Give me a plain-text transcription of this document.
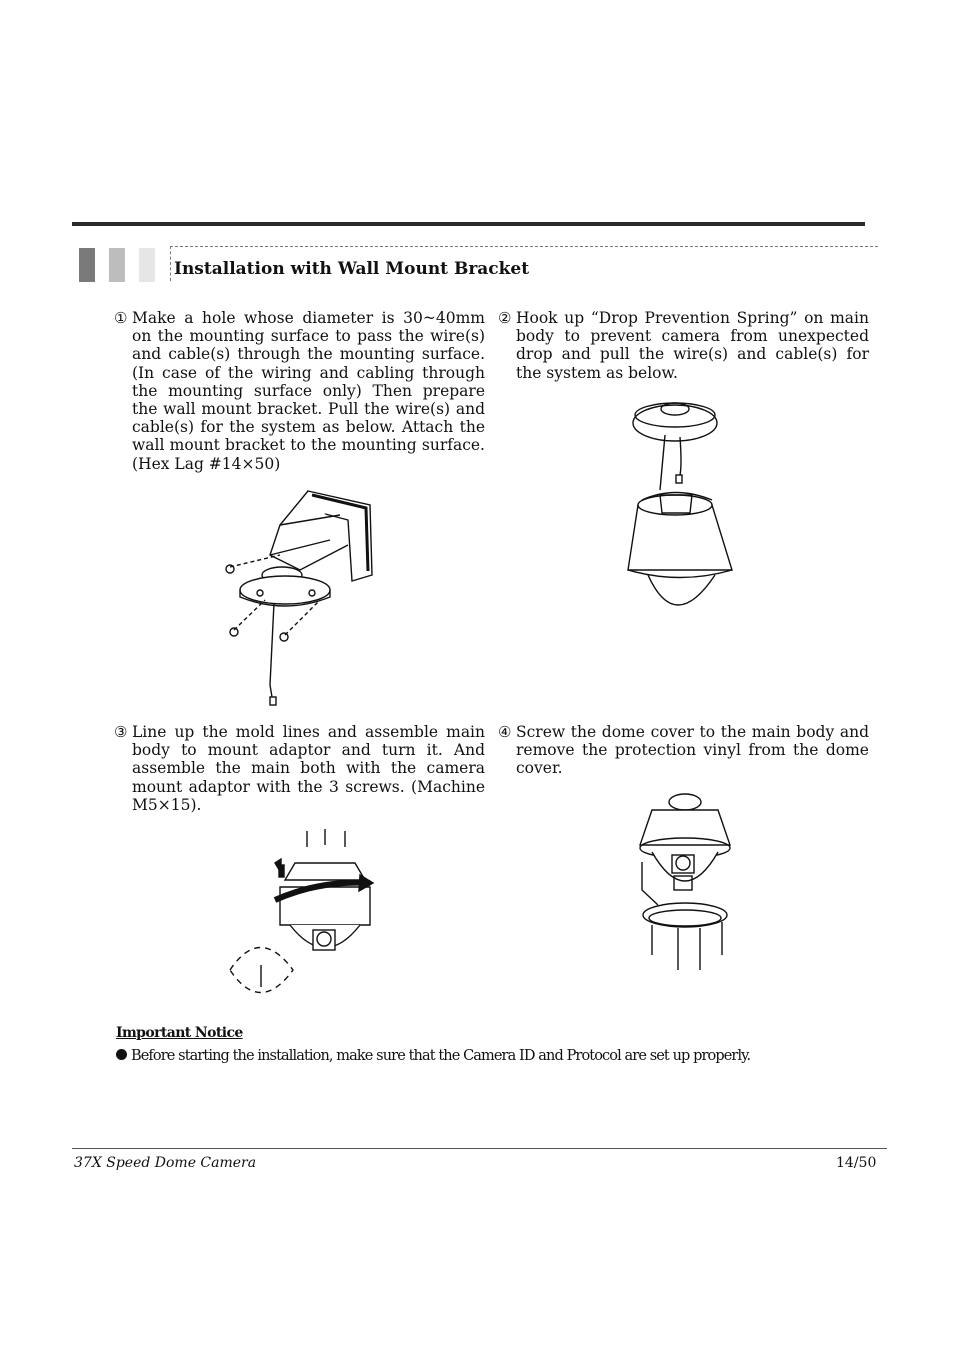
Installation with Wall Mount Bracket
① Make a hole whose diameter is 30~40mm on the mounting surface to pass the wire(s) and cable(s) through the mounting surface. (In case of the wiring and cabling through the mounting surface only) Then prepare the wall mount bracket. Pull the wire(s) and cable(s) for the system as below. Attach the wall mount bracket to the mounting surface. (Hex Lag #14×50)
② Hook up “Drop Prevention Spring” on main body to prevent camera from unexpected drop and pull the wire(s) and cable(s) for the system as below.
③ Line up the mold lines and assemble main body to mount adaptor and turn it. And assemble the main both with the camera mount adaptor with the 3 screws. (Machine M5×15).
④ Screw the dome cover to the main body and remove the protection vinyl from the dome cover.
Important Notice
Before starting the installation, make sure that the Camera ID and Protocol are set up properly.
37X Speed Dome Camera	14/50
